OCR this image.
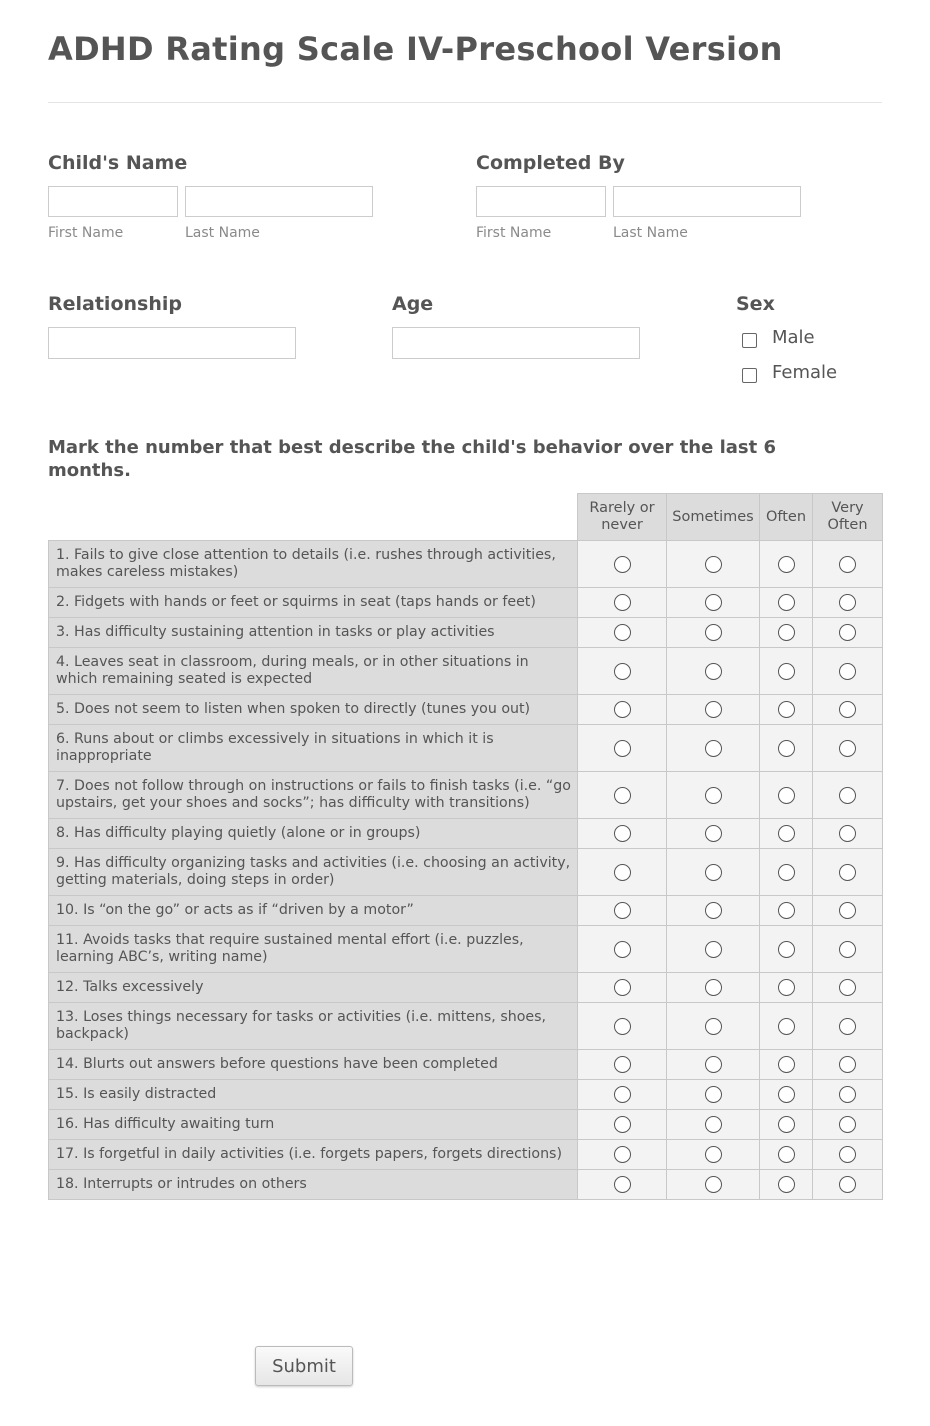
ADHD Rating Scale IV-Preschool Version
Child's Name
First Name	Last Name
Completed By
First Name	Last Name
Relationship	Age	Sex
Male
Female
Mark the number that best describe the child's behavior over the last 6 months.
	Rarely or never	Sometimes	Often	Very Often
1. Fails to give close attention to details (i.e. rushes through activities, makes careless mistakes)				
2. Fidgets with hands or feet or squirms in seat (taps hands or feet)				
3. Has difficulty sustaining attention in tasks or play activities				
4. Leaves seat in classroom, during meals, or in other situations in which remaining seated is expected				
5. Does not seem to listen when spoken to directly (tunes you out)				
6. Runs about or climbs excessively in situations in which it is inappropriate				
7. Does not follow through on instructions or fails to finish tasks (i.e. “go upstairs, get your shoes and socks”; has difficulty with transitions)				
8. Has difficulty playing quietly (alone or in groups)				
9. Has difficulty organizing tasks and activities (i.e. choosing an activity, getting materials, doing steps in order)				
10. Is “on the go” or acts as if “driven by a motor”				
11. Avoids tasks that require sustained mental effort (i.e. puzzles, learning ABC’s, writing name)				
12. Talks excessively				
13. Loses things necessary for tasks or activities (i.e. mittens, shoes, backpack)				
14. Blurts out answers before questions have been completed				
15. Is easily distracted				
16. Has difficulty awaiting turn				
17. Is forgetful in daily activities (i.e. forgets papers, forgets directions)				
18. Interrupts or intrudes on others				
Submit
